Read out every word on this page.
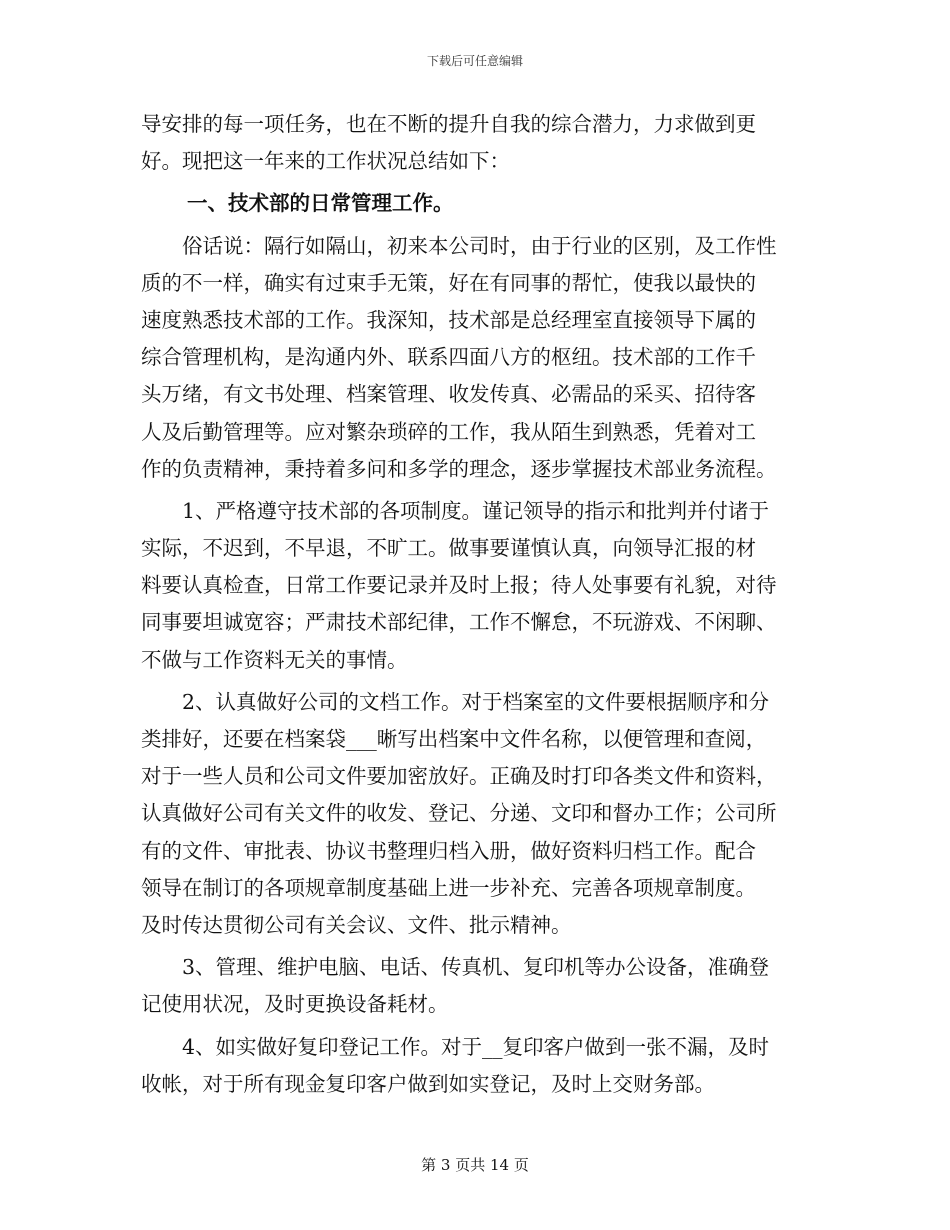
下载后可任意编辑
导安排的每一项任务，也在不断的提升自我的综合潜力，力求做到更
好。现把这一年来的工作状况总结如下：
一、技术部的日常管理工作。
俗话说：隔行如隔山，初来本公司时，由于行业的区别，及工作性
质的不一样，确实有过束手无策，好在有同事的帮忙，使我以最快的
速度熟悉技术部的工作。我深知，技术部是总经理室直接领导下属的
综合管理机构，是沟通内外、联系四面八方的枢纽。技术部的工作千
头万绪，有文书处理、档案管理、收发传真、必需品的采买、招待客
人及后勤管理等。应对繁杂琐碎的工作，我从陌生到熟悉，凭着对工
作的负责精神，秉持着多问和多学的理念，逐步掌握技术部业务流程。
1、严格遵守技术部的各项制度。谨记领导的指示和批判并付诸于
实际，不迟到，不早退，不旷工。做事要谨慎认真，向领导汇报的材
料要认真检查，日常工作要记录并及时上报；待人处事要有礼貌，对待
同事要坦诚宽容；严肃技术部纪律，工作不懈怠，不玩游戏、不闲聊、
不做与工作资料无关的事情。
2、认真做好公司的文档工作。对于档案室的文件要根据顺序和分
类排好，还要在档案袋___晰写出档案中文件名称，以便管理和查阅，
对于一些人员和公司文件要加密放好。正确及时打印各类文件和资料，
认真做好公司有关文件的收发、登记、分递、文印和督办工作；公司所
有的文件、审批表、协议书整理归档入册，做好资料归档工作。配合
领导在制订的各项规章制度基础上进一步补充、完善各项规章制度。
及时传达贯彻公司有关会议、文件、批示精神。
3、管理、维护电脑、电话、传真机、复印机等办公设备，准确登
记使用状况，及时更换设备耗材。
4、如实做好复印登记工作。对于__复印客户做到一张不漏，及时
收帐，对于所有现金复印客户做到如实登记，及时上交财务部。
第 3 页共 14 页
